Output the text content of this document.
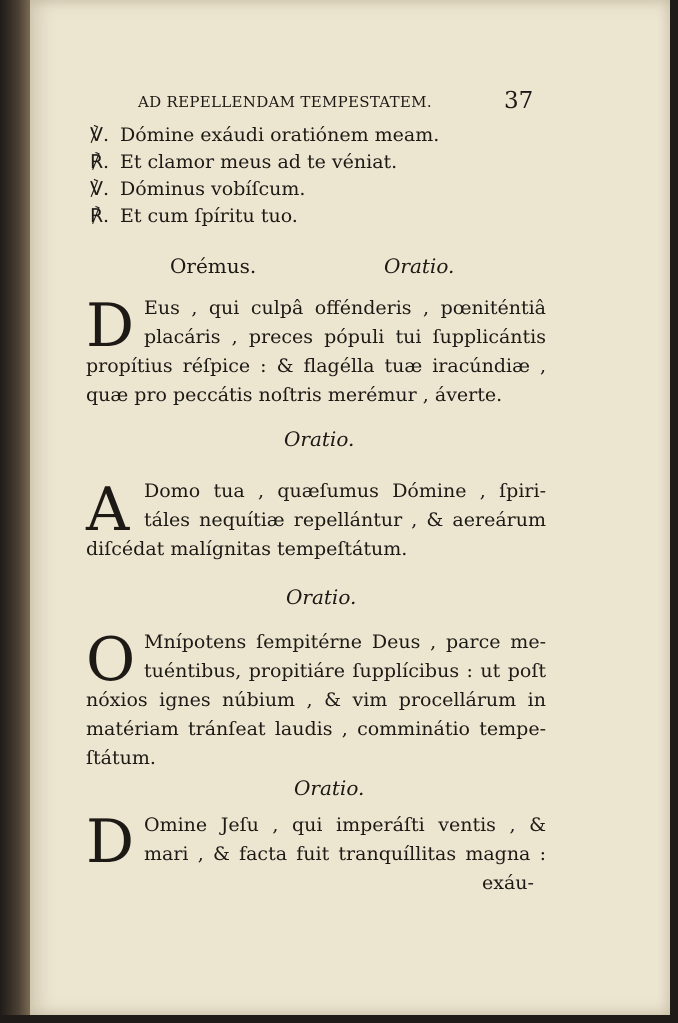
AD REPELLENDAM TEMPESTATEM.	37
℣. Dómine exáudi oratiónem meam.
℟. Et clamor meus ad te véniat.
℣. Dóminus vobíſcum.
℟. Et cum ſpíritu tuo.
Orémus.	Oratio.
D Eus , qui culpâ offénderis , pœniténtiâ
placáris , preces pópuli tui ſupplicántis
propítius réſpice : & flagélla tuæ iracúndiæ ,
quæ pro peccátis noſtris merémur , áverte.
Oratio.
A Domo tua , quæſumus Dómine , ſpiri-
táles nequítiæ repellántur , & aereárum
diſcédat malígnitas tempeſtátum.
Oratio.
O Mnípotens ſempitérne Deus , parce me-
tuéntibus, propitiáre ſupplícibus : ut poſt
nóxios ignes núbium , & vim procellárum in
matériam tránſeat laudis , comminátio tempe-
ſtátum.
Oratio.
D Omine Jeſu , qui imperáſti ventis , &
mari , & facta fuit tranquíllitas magna :
exáu-
